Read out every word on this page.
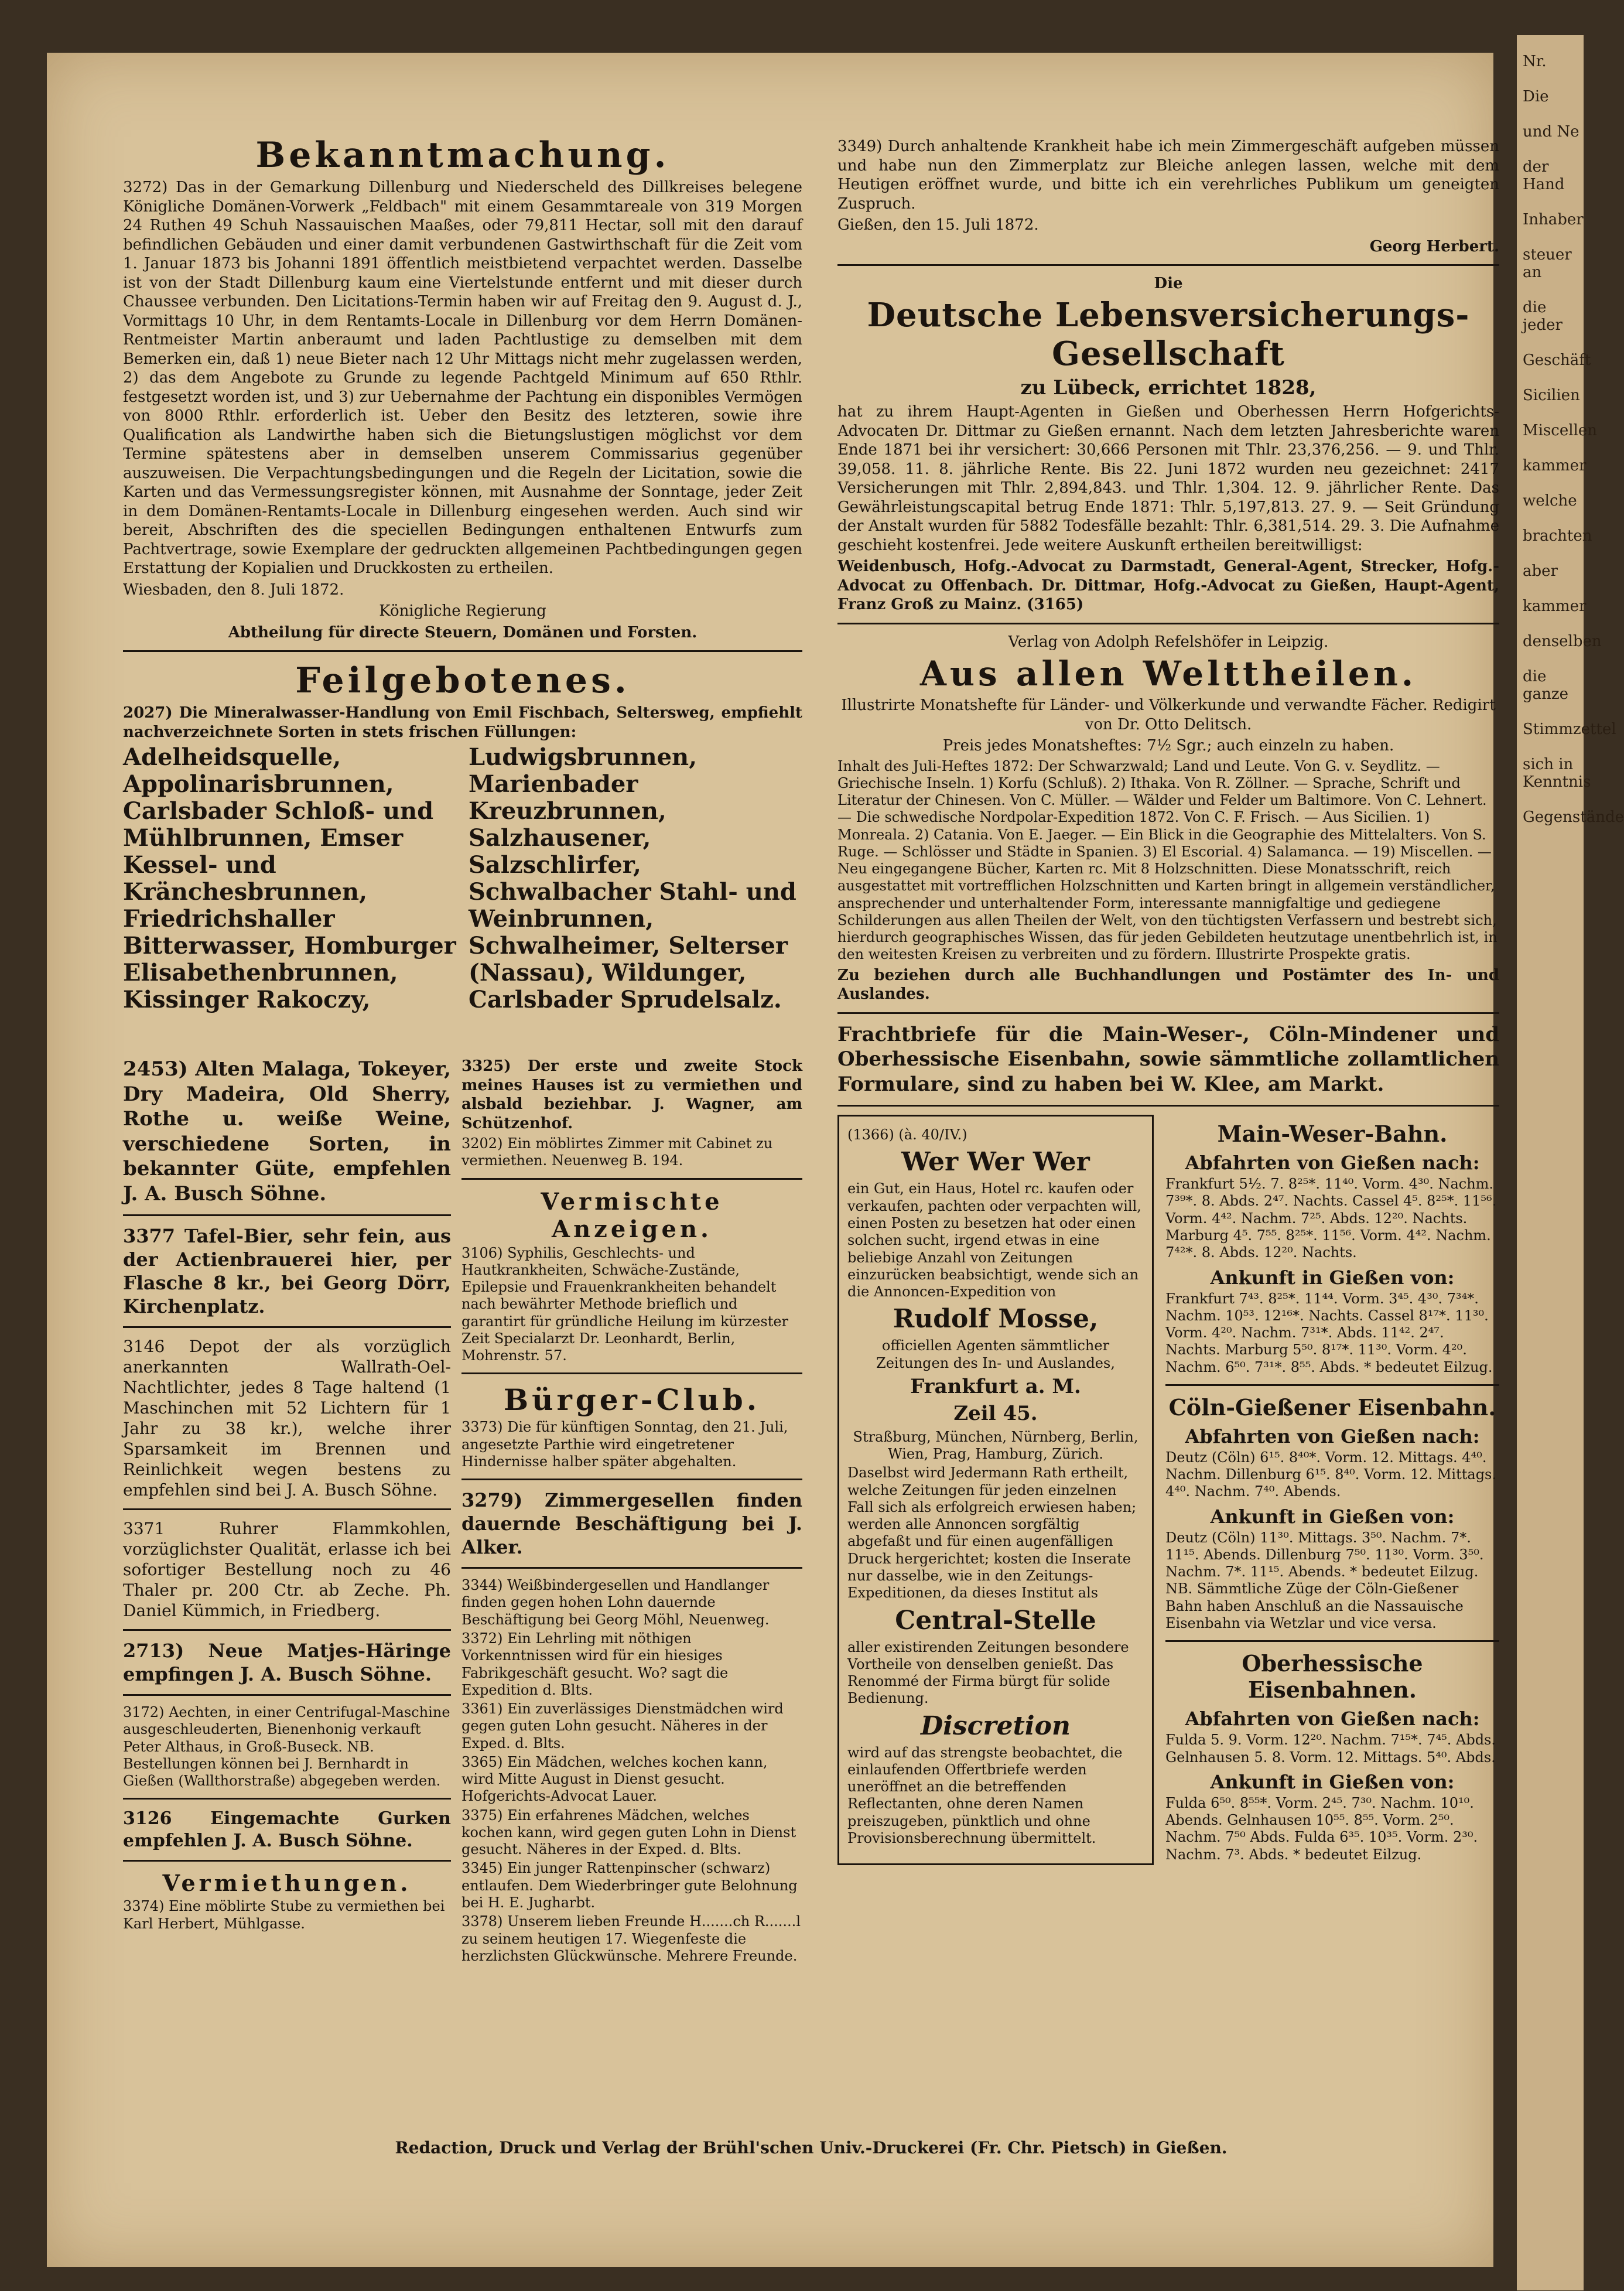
Bekanntmachung.

3272) Das in der Gemarkung Dillenburg und Niederscheld des Dillkreises belegene Königliche Domänen-Vorwerk „Feldbach" mit einem Gesammtareale von 319 Morgen 24 Ruthen 49 Schuh Nassauischen Maaßes, oder 79,811 Hectar, soll mit den darauf befindlichen Gebäuden und einer damit verbundenen Gastwirthschaft für die Zeit vom 1. Januar 1873 bis Johanni 1891 öffentlich meistbietend verpachtet werden. Dasselbe ist von der Stadt Dillenburg kaum eine Viertelstunde entfernt und mit dieser durch Chaussee verbunden. Den Licitations-Termin haben wir auf Freitag den 9. August d. J., Vormittags 10 Uhr, in dem Rentamts-Locale in Dillenburg vor dem Herrn Domänen-Rentmeister Martin anberaumt und laden Pachtlustige zu demselben mit dem Bemerken ein, daß 1) neue Bieter nach 12 Uhr Mittags nicht mehr zugelassen werden, 2) das dem Angebote zu Grunde zu legende Pachtgeld Minimum auf 650 Rthlr. festgesetzt worden ist, und 3) zur Uebernahme der Pachtung ein disponibles Vermögen von 8000 Rthlr. erforderlich ist. Ueber den Besitz des letzteren, sowie ihre Qualification als Landwirthe haben sich die Bietungslustigen möglichst vor dem Termine spätestens aber in demselben unserem Commissarius gegenüber auszuweisen. Die Verpachtungsbedingungen und die Regeln der Licitation, sowie die Karten und das Vermessungsregister können, mit Ausnahme der Sonntage, jeder Zeit in dem Domänen-Rentamts-Locale in Dillenburg eingesehen werden. Auch sind wir bereit, Abschriften des die speciellen Bedingungen enthaltenen Entwurfs zum Pachtvertrage, sowie Exemplare der gedruckten allgemeinen Pachtbedingungen gegen Erstattung der Kopialien und Druckkosten zu ertheilen.

Wiesbaden, den 8. Juli 1872.

Königliche Regierung

Abtheilung für directe Steuern, Domänen und Forsten.

Feilgebotenes.

2027) Die Mineralwasser-Handlung von Emil Fischbach, Seltersweg, empfiehlt nachverzeichnete Sorten in stets frischen Füllungen:

Adelheidsquelle, Appolinarisbrunnen, Carlsbader Schloß- und Mühlbrunnen, Emser Kessel- und Kränchesbrunnen, Friedrichshaller Bitterwasser, Homburger Elisabethenbrunnen, Kissinger Rakoczy,
Ludwigsbrunnen, Marienbader Kreuzbrunnen, Salzhausener, Salzschlirfer, Schwalbacher Stahl- und Weinbrunnen, Schwalheimer, Selterser (Nassau), Wildunger, Carlsbader Sprudelsalz.

2453) Alten Malaga, Tokeyer, Dry Madeira, Old Sherry, Rothe u. weiße Weine, verschiedene Sorten, in bekannter Güte, empfehlen J. A. Busch Söhne.

3377 Tafel-Bier, sehr fein, aus der Actienbrauerei hier, per Flasche 8 kr., bei Georg Dörr, Kirchenplatz.

3146 Depot der als vorzüglich anerkannten Wallrath-Oel-Nachtlichter, jedes 8 Tage haltend (1 Maschinchen mit 52 Lichtern für 1 Jahr zu 38 kr.), welche ihrer Sparsamkeit im Brennen und Reinlichkeit wegen bestens zu empfehlen sind bei J. A. Busch Söhne.

3371 Ruhrer Flammkohlen, vorzüglichster Qualität, erlasse ich bei sofortiger Bestellung noch zu 46 Thaler pr. 200 Ctr. ab Zeche. Ph. Daniel Kümmich, in Friedberg.

2713) Neue Matjes-Häringe empfingen J. A. Busch Söhne.

3172) Aechten, in einer Centrifugal-Maschine ausgeschleuderten, Bienenhonig verkauft Peter Althaus, in Groß-Buseck. NB. Bestellungen können bei J. Bernhardt in Gießen (Wallthorstraße) abgegeben werden.

3126 Eingemachte Gurken empfehlen J. A. Busch Söhne.

Vermiethungen.

3374) Eine möblirte Stube zu vermiethen bei Karl Herbert, Mühlgasse.

3325) Der erste und zweite Stock meines Hauses ist zu vermiethen und alsbald beziehbar. J. Wagner, am Schützenhof.

3202) Ein möblirtes Zimmer mit Cabinet zu vermiethen. Neuenweg B. 194.

Vermischte Anzeigen.

3106) Syphilis, Geschlechts- und Hautkrankheiten, Schwäche-Zustände, Epilepsie und Frauenkrankheiten behandelt nach bewährter Methode brieflich und garantirt für gründliche Heilung im kürzester Zeit Specialarzt Dr. Leonhardt, Berlin, Mohrenstr. 57.

Bürger-Club.

3373) Die für künftigen Sonntag, den 21. Juli, angesetzte Parthie wird eingetretener Hindernisse halber später abgehalten.

3279) Zimmergesellen finden dauernde Beschäftigung bei J. Alker.

3344) Weißbindergesellen und Handlanger finden gegen hohen Lohn dauernde Beschäftigung bei Georg Möhl, Neuenweg.

3372) Ein Lehrling mit nöthigen Vorkenntnissen wird für ein hiesiges Fabrikgeschäft gesucht. Wo? sagt die Expedition d. Blts.

3361) Ein zuverlässiges Dienstmädchen wird gegen guten Lohn gesucht. Näheres in der Exped. d. Blts.

3365) Ein Mädchen, welches kochen kann, wird Mitte August in Dienst gesucht. Hofgerichts-Advocat Lauer.

3375) Ein erfahrenes Mädchen, welches kochen kann, wird gegen guten Lohn in Dienst gesucht. Näheres in der Exped. d. Blts.

3345) Ein junger Rattenpinscher (schwarz) entlaufen. Dem Wiederbringer gute Belohnung bei H. E. Jugharbt.

3378) Unserem lieben Freunde H.......ch R.......l zu seinem heutigen 17. Wiegenfeste die herzlichsten Glückwünsche. Mehrere Freunde.

3349) Durch anhaltende Krankheit habe ich mein Zimmergeschäft aufgeben müssen und habe nun den Zimmerplatz zur Bleiche anlegen lassen, welche mit dem Heutigen eröffnet wurde, und bitte ich ein verehrliches Publikum um geneigten Zuspruch.

Gießen, den 15. Juli 1872.

Georg Herbert.

Die

Deutsche Lebensversicherungs-Gesellschaft

zu Lübeck, errichtet 1828,

hat zu ihrem Haupt-Agenten in Gießen und Oberhessen Herrn Hofgerichts-Advocaten Dr. Dittmar zu Gießen ernannt. Nach dem letzten Jahresberichte waren Ende 1871 bei ihr versichert: 30,666 Personen mit Thlr. 23,376,256. — 9. und Thlr. 39,058. 11. 8. jährliche Rente. Bis 22. Juni 1872 wurden neu gezeichnet: 2417 Versicherungen mit Thlr. 2,894,843. und Thlr. 1,304. 12. 9. jährlicher Rente. Das Gewährleistungscapital betrug Ende 1871: Thlr. 5,197,813. 27. 9. — Seit Gründung der Anstalt wurden für 5882 Todesfälle bezahlt: Thlr. 6,381,514. 29. 3. Die Aufnahme geschieht kostenfrei. Jede weitere Auskunft ertheilen bereitwilligst:

Weidenbusch, Hofg.-Advocat zu Darmstadt, General-Agent, Strecker, Hofg.-Advocat zu Offenbach. Dr. Dittmar, Hofg.-Advocat zu Gießen, Haupt-Agent, Franz Groß zu Mainz. (3165)

Verlag von Adolph Refelshöfer in Leipzig.

Aus allen Welttheilen.

Illustrirte Monatshefte für Länder- und Völkerkunde und verwandte Fächer. Redigirt von Dr. Otto Delitsch.

Preis jedes Monatsheftes: 7½ Sgr.; auch einzeln zu haben.

Inhalt des Juli-Heftes 1872: Der Schwarzwald; Land und Leute. Von G. v. Seydlitz. — Griechische Inseln. 1) Korfu (Schluß). 2) Ithaka. Von R. Zöllner. — Sprache, Schrift und Literatur der Chinesen. Von C. Müller. — Wälder und Felder um Baltimore. Von C. Lehnert. — Die schwedische Nordpolar-Expedition 1872. Von C. F. Frisch. — Aus Sicilien. 1) Monreala. 2) Catania. Von E. Jaeger. — Ein Blick in die Geographie des Mittelalters. Von S. Ruge. — Schlösser und Städte in Spanien. 3) El Escorial. 4) Salamanca. — 19) Miscellen. — Neu eingegangene Bücher, Karten rc. Mit 8 Holzschnitten. Diese Monatsschrift, reich ausgestattet mit vortrefflichen Holzschnitten und Karten bringt in allgemein verständlicher, ansprechender und unterhaltender Form, interessante mannigfaltige und gediegene Schilderungen aus allen Theilen der Welt, von den tüchtigsten Verfassern und bestrebt sich, hierdurch geographisches Wissen, das für jeden Gebildeten heutzutage unentbehrlich ist, in den weitesten Kreisen zu verbreiten und zu fördern. Illustrirte Prospekte gratis.

Zu beziehen durch alle Buchhandlungen und Postämter des In- und Auslandes.

Frachtbriefe für die Main-Weser-, Cöln-Mindener und Oberhessische Eisenbahn, sowie sämmtliche zollamtlichen Formulare, sind zu haben bei W. Klee, am Markt.

(1366) (à. 40/IV.)

Wer Wer Wer

ein Gut, ein Haus, Hotel rc. kaufen oder verkaufen, pachten oder verpachten will, einen Posten zu besetzen hat oder einen solchen sucht, irgend etwas in eine beliebige Anzahl von Zeitungen einzurücken beabsichtigt, wende sich an die Annoncen-Expedition von

Rudolf Mosse,

officiellen Agenten sämmtlicher Zeitungen des In- und Auslandes,

Frankfurt a. M.

Zeil 45.

Straßburg, München, Nürnberg, Berlin, Wien, Prag, Hamburg, Zürich.

Daselbst wird Jedermann Rath ertheilt, welche Zeitungen für jeden einzelnen Fall sich als erfolgreich erwiesen haben; werden alle Annoncen sorgfältig abgefaßt und für einen augenfälligen Druck hergerichtet; kosten die Inserate nur dasselbe, wie in den Zeitungs-Expeditionen, da dieses Institut als

Central-Stelle

aller existirenden Zeitungen besondere Vortheile von denselben genießt. Das Renommé der Firma bürgt für solide Bedienung.

Discretion

wird auf das strengste beobachtet, die einlaufenden Offertbriefe werden uneröffnet an die betreffenden Reflectanten, ohne deren Namen preiszugeben, pünktlich und ohne Provisionsberechnung übermittelt.

Main-Weser-Bahn.
Abfahrten von Gießen nach:

Frankfurt 5⅟₂. 7. 8²⁵*. 11⁴⁰. Vorm. 4³⁰. Nachm. 7³⁹*. 8. Abds. 2⁴⁷. Nachts. Cassel 4⁵. 8²⁵*. 11⁵⁶. Vorm. 4⁴². Nachm. 7²⁵. Abds. 12²⁰. Nachts. Marburg 4⁵. 7⁵⁵. 8²⁵*. 11⁵⁶. Vorm. 4⁴². Nachm. 7⁴²*. 8. Abds. 12²⁰. Nachts.

Ankunft in Gießen von:

Frankfurt 7⁴³. 8²⁵*. 11⁴⁴. Vorm. 3⁴⁵. 4³⁰. 7³⁴*. Nachm. 10⁵³. 12¹⁶*. Nachts. Cassel 8¹⁷*. 11³⁰. Vorm. 4²⁰. Nachm. 7³¹*. Abds. 11⁴². 2⁴⁷. Nachts. Marburg 5⁵⁰. 8¹⁷*. 11³⁰. Vorm. 4²⁰. Nachm. 6⁵⁰. 7³¹*. 8⁵⁵. Abds. * bedeutet Eilzug.

Cöln-Gießener Eisenbahn.
Abfahrten von Gießen nach:

Deutz (Cöln) 6¹⁵. 8⁴⁰*. Vorm. 12. Mittags. 4⁴⁰. Nachm. Dillenburg 6¹⁵. 8⁴⁰. Vorm. 12. Mittags. 4⁴⁰. Nachm. 7⁴⁰. Abends.

Ankunft in Gießen von:

Deutz (Cöln) 11³⁰. Mittags. 3⁵⁰. Nachm. 7*. 11¹⁵. Abends. Dillenburg 7⁵⁰. 11³⁰. Vorm. 3⁵⁰. Nachm. 7*. 11¹⁵. Abends. * bedeutet Eilzug. NB. Sämmtliche Züge der Cöln-Gießener Bahn haben Anschluß an die Nassauische Eisenbahn via Wetzlar und vice versa.

Oberhessische Eisenbahnen.
Abfahrten von Gießen nach:

Fulda 5. 9. Vorm. 12²⁰. Nachm. 7¹⁵*. 7⁴⁵. Abds. Gelnhausen 5. 8. Vorm. 12. Mittags. 5⁴⁰. Abds.

Ankunft in Gießen von:

Fulda 6⁵⁰. 8⁵⁵*. Vorm. 2⁴⁵. 7³⁰. Nachm. 10¹⁰. Abends. Gelnhausen 10⁵⁵. 8⁵⁵. Vorm. 2⁵⁰. Nachm. 7⁵⁰ Abds. Fulda 6³⁵. 10³⁵. Vorm. 2³⁰. Nachm. 7³. Abds. * bedeutet Eilzug.

Redaction, Druck und Verlag der Brühl'schen Univ.-Druckerei (Fr. Chr. Pietsch) in Gießen.
Nr.
Die
und Ne
der Hand
Inhaber
steuer an
die jeder
Geschäft
Sicilien
Miscellen
kammer
welche
brachten
aber
kammer
denselben
die ganze
Stimmzettel
sich in Kenntnis
Gegenstände
